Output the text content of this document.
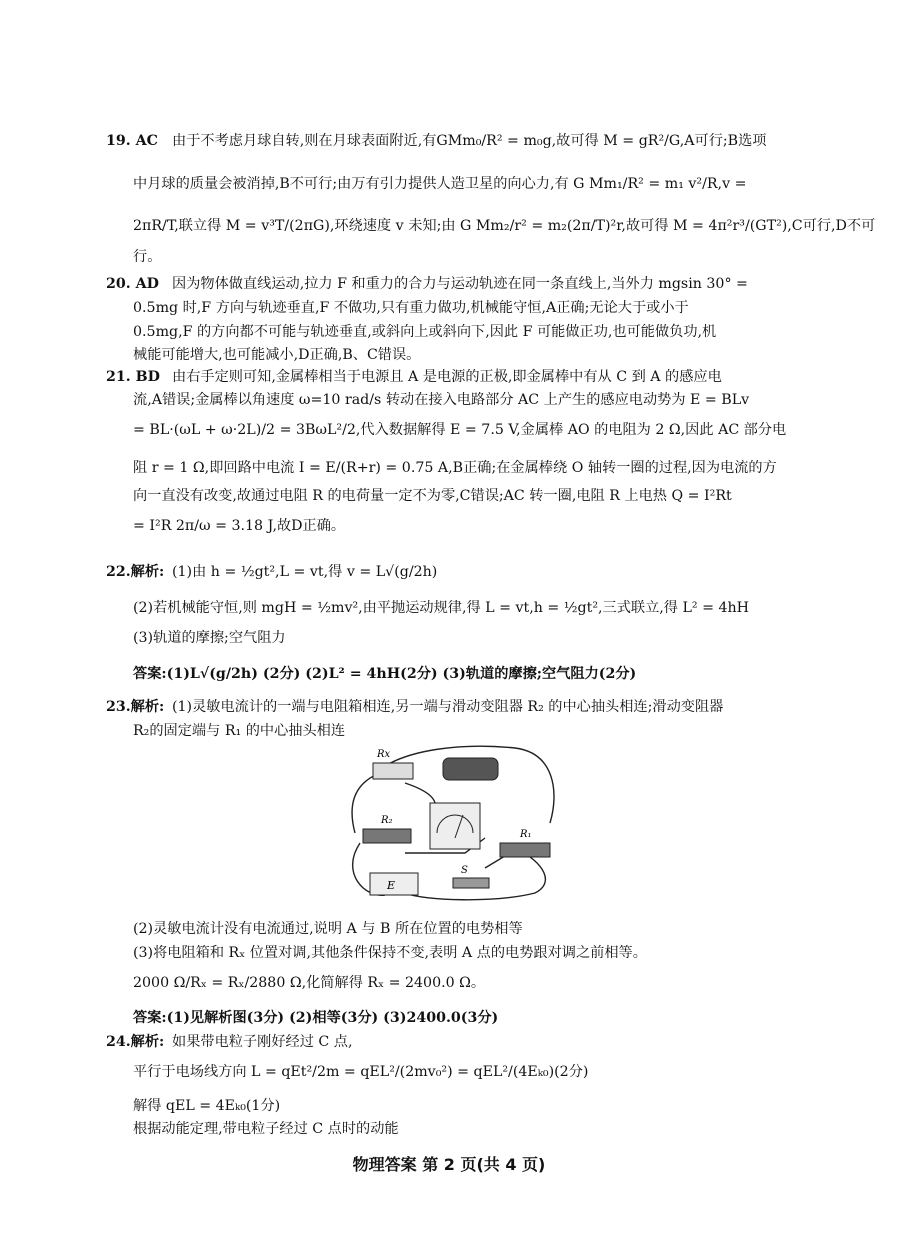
19. AC 由于不考虑月球自转,则在月球表面附近,有GMm₀/R² = m₀g,故可得 M = gR²/G,A可行;B选项
中月球的质量会被消掉,B不可行;由万有引力提供人造卫星的向心力,有 G Mm₁/R² = m₁ v²/R,v =
2πR/T,联立得 M = v³T/(2πG),环绕速度 v 未知;由 G Mm₂/r² = m₂(2π/T)²r,故可得 M = 4π²r³/(GT²),C可行,D不可
行。
20. AD 因为物体做直线运动,拉力 F 和重力的合力与运动轨迹在同一条直线上,当外力 mgsin 30° =
0.5mg 时,F 方向与轨迹垂直,F 不做功,只有重力做功,机械能守恒,A正确;无论大于或小于
0.5mg,F 的方向都不可能与轨迹垂直,或斜向上或斜向下,因此 F 可能做正功,也可能做负功,机
械能可能增大,也可能减小,D正确,B、C错误。
21. BD 由右手定则可知,金属棒相当于电源且 A 是电源的正极,即金属棒中有从 C 到 A 的感应电
流,A错误;金属棒以角速度 ω=10 rad/s 转动在接入电路部分 AC 上产生的感应电动势为 E = BLv
= BL·(ωL + ω·2L)/2 = 3BωL²/2,代入数据解得 E = 7.5 V,金属棒 AO 的电阻为 2 Ω,因此 AC 部分电
阻 r = 1 Ω,即回路中电流 I = E/(R+r) = 0.75 A,B正确;在金属棒绕 O 轴转一圈的过程,因为电流的方
向一直没有改变,故通过电阻 R 的电荷量一定不为零,C错误;AC 转一圈,电阻 R 上电热 Q = I²Rt
= I²R 2π/ω = 3.18 J,故D正确。
22.解析: (1)由 h = ½gt²,L = vt,得 v = L√(g/2h)
(2)若机械能守恒,则 mgH = ½mv²,由平抛运动规律,得 L = vt,h = ½gt²,三式联立,得 L² = 4hH
(3)轨道的摩擦;空气阻力
答案:(1)L√(g/2h) (2分) (2)L² = 4hH(2分) (3)轨道的摩擦;空气阻力(2分)
23.解析: (1)灵敏电流计的一端与电阻箱相连,另一端与滑动变阻器 R₂ 的中心抽头相连;滑动变阻器
R₂的固定端与 R₁ 的中心抽头相连
Rx
R₂
R₁
E
S
(2)灵敏电流计没有电流通过,说明 A 与 B 所在位置的电势相等
(3)将电阻箱和 Rₓ 位置对调,其他条件保持不变,表明 A 点的电势跟对调之前相等。
2000 Ω/Rₓ = Rₓ/2880 Ω,化简解得 Rₓ = 2400.0 Ω。
答案:(1)见解析图(3分) (2)相等(3分) (3)2400.0(3分)
24.解析: 如果带电粒子刚好经过 C 点,
平行于电场线方向 L = qEt²/2m = qEL²/(2mv₀²) = qEL²/(4Eₖ₀)(2分)
解得 qEL = 4Eₖ₀(1分)
根据动能定理,带电粒子经过 C 点时的动能
物理答案 第 2 页(共 4 页)
